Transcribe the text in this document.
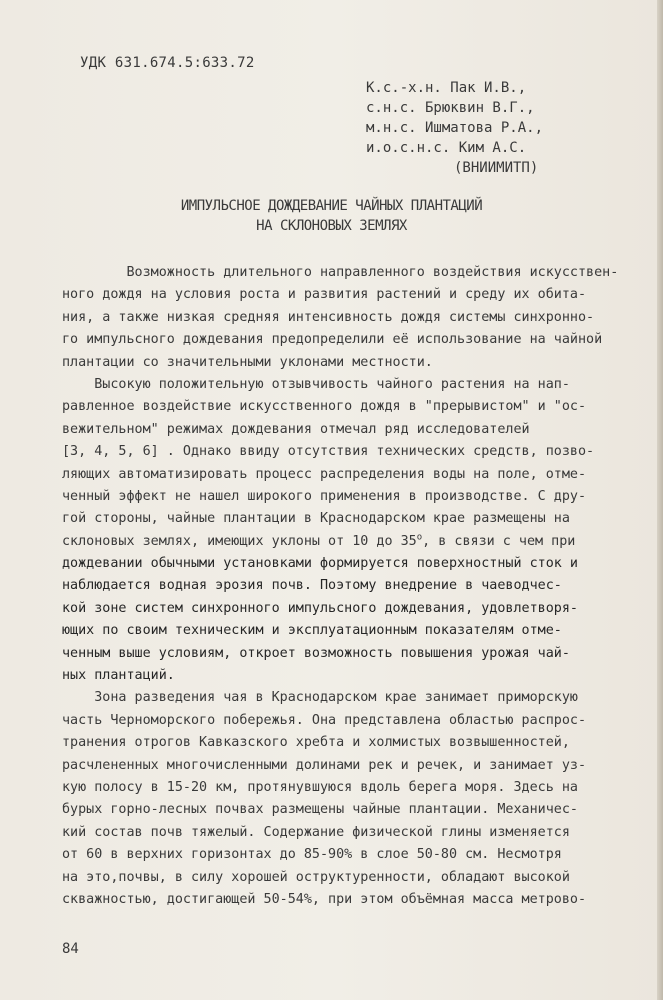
УДК 631.674.5:633.72
К.с.-х.н. Пак И.В.,
с.н.с. Брюквин В.Г.,
м.н.с. Ишматова Р.А.,
и.о.с.н.с. Ким А.С.
(ВНИИМИТП)
ИМПУЛЬСНОЕ ДОЖДЕВАНИЕ ЧАЙНЫХ ПЛАНТАЦИЙ
НА СКЛОНОВЫХ ЗЕМЛЯХ
Возможность длительного направленного воздействия искусствен-
ного дождя на условия роста и развития растений и среду их обита-
ния, а также низкая средняя интенсивность дождя системы синхронно-
го импульсного дождевания предопределили её использование на чайной
плантации со значительными уклонами местности.
Высокую положительную отзывчивость чайного растения на нап-
равленное воздействие искусственного дождя в "прерывистом" и "ос-
вежительном" режимах дождевания отмечал ряд исследователей
[3, 4, 5, 6] . Однако ввиду отсутствия технических средств, позво-
ляющих автоматизировать процесс распределения воды на поле, отме-
ченный эффект не нашел широкого применения в производстве. С дру-
гой стороны, чайные плантации в Краснодарском крае размещены на
склоновых землях, имеющих уклоны от 10 до $35^о$, в связи с чем при
дождевании обычными установками формируется поверхностный сток и
наблюдается водная эрозия почв. Поэтому внедрение в чаеводчес-
кой зоне систем синхронного импульсного дождевания, удовлетворя-
ющих по своим техническим и эксплуатационным показателям отме-
ченным выше условиям, откроет возможность повышения урожая чай-
ных плантаций.
Зона разведения чая в Краснодарском крае занимает приморскую
часть Черноморского побережья. Она представлена областью распрос-
транения отрогов Кавказского хребта и холмистых возвышенностей,
расчлененных многочисленными долинами рек и речек, и занимает уз-
кую полосу в 15-20 км, протянувшуюся вдоль берега моря. Здесь на
бурых горно-лесных почвах размещены чайные плантации. Механичес-
кий состав почв тяжелый. Содержание физической глины изменяется
от 60 в верхних горизонтах до 85-90% в слое 50-80 см. Несмотря
на это,почвы, в силу хорошей оструктуренности, обладают высокой
скважностью, достигающей 50-54%, при этом объёмная масса метрово-
84
